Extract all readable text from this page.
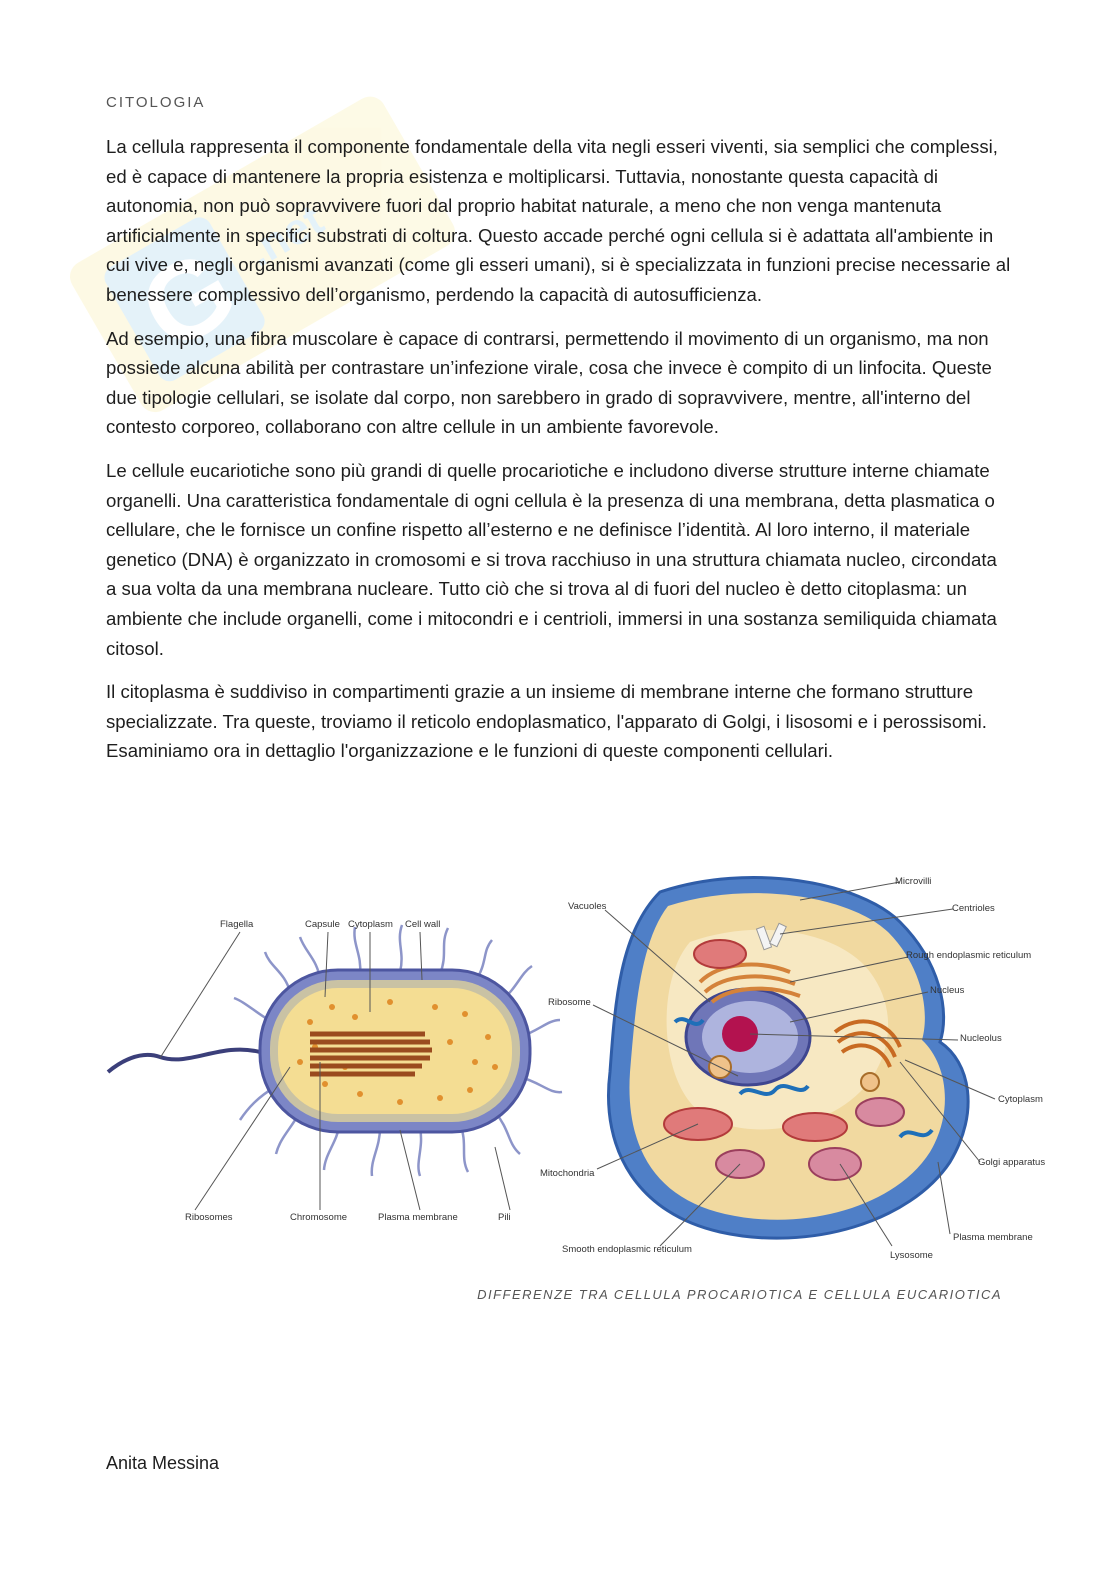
G
.net
CITOLOGIA

La cellula rappresenta il componente fondamentale della vita negli esseri viventi, sia semplici che complessi, ed è capace di mantenere la propria esistenza e moltiplicarsi. Tuttavia, nonostante questa capacità di autonomia, non può sopravvivere fuori dal proprio habitat naturale, a meno che non venga mantenuta artificialmente in specifici substrati di coltura. Questo accade perché ogni cellula si è adattata all'ambiente in cui vive e, negli organismi avanzati (come gli esseri umani), si è specializzata in funzioni precise necessarie al benessere complessivo dell’organismo, perdendo la capacità di autosufficienza.

Ad esempio, una fibra muscolare è capace di contrarsi, permettendo il movimento di un organismo, ma non possiede alcuna abilità per contrastare un’infezione virale, cosa che invece è compito di un linfocita. Queste due tipologie cellulari, se isolate dal corpo, non sarebbero in grado di sopravvivere, mentre, all'interno del contesto corporeo, collaborano con altre cellule in un ambiente favorevole.

Le cellule eucariotiche sono più grandi di quelle procariotiche e includono diverse strutture interne chiamate organelli. Una caratteristica fondamentale di ogni cellula è la presenza di una membrana, detta plasmatica o cellulare, che le fornisce un confine rispetto all’esterno e ne definisce l’identità. Al loro interno, il materiale genetico (DNA) è organizzato in cromosomi e si trova racchiuso in una struttura chiamata nucleo, circondata a sua volta da una membrana nucleare. Tutto ciò che si trova al di fuori del nucleo è detto citoplasma: un ambiente che include organelli, come i mitocondri e i centrioli, immersi in una sostanza semiliquida chiamata citosol.

Il citoplasma è suddiviso in compartimenti grazie a un insieme di membrane interne che formano strutture specializzate. Tra queste, troviamo il reticolo endoplasmatico, l'apparato di Golgi, i lisosomi e i perossisomi. Esaminiamo ora in dettaglio l'organizzazione e le funzioni di queste componenti cellulari.

Flagella	Capsule Cytoplasm Cell wall
Ribosomes	Chromosome	Plasma membrane	Pili
Vacuoles
Microvilli
Centrioles
Rough endoplasmic reticulum
Nucleus
Ribosome
Nucleolus
Cytoplasm
Golgi apparatus
Mitochondria
Plasma membrane
Lysosome
Smooth endoplasmic reticulum
DIFFERENZE TRA CELLULA PROCARIOTICA E CELLULA EUCARIOTICA
Anita Messina
